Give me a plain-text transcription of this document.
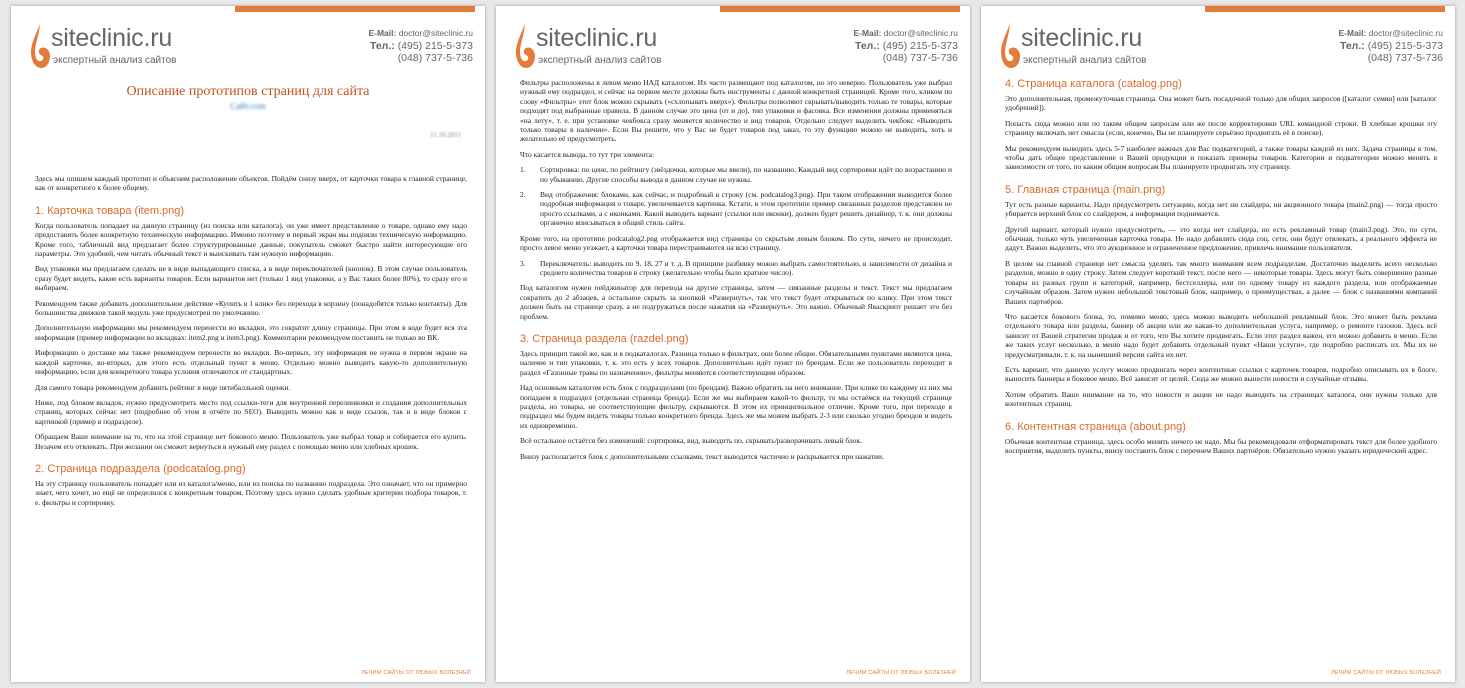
siteclinic.ru
экспертный анализ сайтов
E-Mail: doctor@siteclinic.ru
Тел.: (495) 215-5-373
(048) 737-5-736
Описание прототипов страниц для сайта
Сайт.com
11.10.2011

Здесь мы опишем каждый прототип и объясним расположение объектов. Пойдём снизу вверх, от карточки товара к главной странице, как от конкретного к более общему.

1. Карточка товара (item.png)

Когда пользователь попадает на данную страницу (из поиска или каталога), он уже имеет представление о товаре, однако ему надо предоставить более конкретную техническую информацию. Именно поэтому в первый экран мы подняли техническую информацию. Кроме того, табличный вид предлагает более структурированные данные, покупатель сможет быстро найти интересующие его параметры. Это удобней, чем читать обычный текст и выискивать там нужную информацию.

Вид упаковки мы предлагаем сделать не в виде выпадающего списка, а в виде переключателей (кнопок). В этом случае пользователь сразу будет видеть, какие есть варианты товаров. Если вариантов нет (только 1 вид упаковки, а у Вас таких более 80%), то сразу его и выбираем.

Рекомендуем также добавить дополнительное действие «Купить в 1 клик» без перехода в корзину (понадобятся только контакты). Для большинства движков такой модуль уже предусмотрен по умолчанию.

Дополнительную информацию мы рекомендуем перенести во вкладки, это сократит длину страницы. При этом в коде будет вся эта информация (пример информации во вкладках: item2.png и item3.png). Комментарии рекомендуем поставить не только во ВК.

Информацию о доставке мы также рекомендуем перенести во вкладки. Во-первых, эту информация не нужна в первом экране на каждой карточке, во-вторых, для этого есть отдельный пункт в меню. Отдельно можно выводить какую-то дополнительную информацию, если для конкретного товара условия отличаются от стандартных.

Для самого товара рекомендуем добавить рейтинг в виде пятибалльной оценки.

Ниже, под блоком вкладок, нужно предусмотреть место под ссылки-теги для внутренней перелинковки и создания дополнительных страниц, которых сейчас нет (подробнее об этом в отчёте по SEO). Выводить можно как в виде ссылок, так и в виде блоков с картинкой (пример в подразделе).

Обращаем Ваше внимание на то, что на этой странице нет бокового меню. Пользователь уже выбрал товар и собирается его купить. Незачем его отвлекать. При желании он сможет вернуться в нужный ему раздел с помощью меню или хлебных крошек.

2. Страница подраздела (podcatalog.png)

На эту страницу пользователь попадает или из каталога/меню, или из поиска по названию подраздела. Это означает, что он примерно знает, чего хочет, но ещё не определился с конкретным товаром. Поэтому здесь нужно сделать удобные критерии подбора товаров, т. е. фильтры и сортировку.

ЛЕЧИМ САЙТЫ ОТ ЛЮБЫХ БОЛЕЗНЕЙ
siteclinic.ru
экспертный анализ сайтов
E-Mail: doctor@siteclinic.ru
Тел.: (495) 215-5-373
(048) 737-5-736

Фильтры расположены в левом меню НАД каталогом. Их часто размещают под каталогом, но это неверно. Пользователь уже выбрал нужный ему подраздел, и сейчас на первом месте должны быть инструменты с данной конкретной страницей. Кроме того, кликом по слову «Фильтры» этот блок можно скрывать («схлопывать вверх»). Фильтры позволяют скрывать/выводить только те товары, которые подходят под выбранные правила. В данном случае это цена (от и до), тип упаковки и фасовка. Все изменения должны применяться «на лету», т. е. при установке чекбокса сразу меняется количество и вид товаров. Отдельно следует выделить чекбокс «Выводить только товары в наличии». Если Вы решите, что у Вас не будет товаров под заказ, то эту функцию можно не выводить, хоть и желательно её предусмотреть.

Что касается вывода, то тут три элемента:

1.	Сортировка: по цене, по рейтингу (звёздочки, которые мы ввели), по названию. Каждый вид сортировки идёт по возрастанию и по убыванию. Другие способы вывода в данном случае не нужны.

2.	Вид отображения: блоками, как сейчас, и подробный в строку (см. podcatalog3.png). При таком отображении выводится более подробная информация о товаре, увеличивается картинка. Кстати, в этом прототипе пример связанных разделов представлен не просто ссылками, а с иконками. Какой выводить вариант (ссылки или иконки), должен будет решить дизайнер, т. к. они должны органично вписываться в общий стиль сайта.

Кроме того, на прототипе podcatalog2.png отображается вид страницы со скрытым левым блоком. По сути, ничего не происходит, просто левое меню уезжает, а карточки товара перестраиваются на всю страницу.

3.	Переключатель: выводить по 9, 18, 27 и т. д. В принципе разбивку можно выбрать самостоятельно, в зависимости от дизайна и среднего количества товаров в строку (желательно чтобы было кратное число).

Под каталогом нужен пейджинатор для перехода на другие страницы, затем — связанные разделы и текст. Текст мы предлагаем сократить до 2 абзацев, а остальное скрыть за кнопкой «Развернуть», так что текст будет открываться по клику. При этом текст должен быть на странице сразу, а не подгружаться после нажатия на «Развернуть». Это важно. Обычный Яваскрипт решает это без проблем.

3. Страница раздела (razdel.png)

Здесь принцип такой же, как и в подкаталогах. Разница только в фильтрах, они более общие. Обязательными пунктами являются цена, наличие и тип упаковки, т. к. это есть у всех товаров. Дополнительно идёт пункт по брендам. Если же пользователь переходит в раздел «Газонные травы по назначению», фильтры меняются соответствующим образом.

Над основным каталогом есть блок с подразделами (по брендам). Важно обратить на него внимание. При клике по каждому из них мы попадаем в подраздел (отдельная страница бренда). Если же мы выбираем какой-то фильтр, то мы остаёмся на текущей странице раздела, но товары, не соответствующие фильтру, скрываются. В этом их принципиальное отличие. Кроме того, при переходе в подраздел мы будем видеть товары только конкретного бренда. Здесь же мы можем выбрать 2-3 или сколько угодно брендов и видеть их одновременно.

Всё остальное остаётся без изменений: сортировка, вид, выводить по, скрывать/разворачивать левый блок.

Внизу располагается блок с дополнительными ссылками, текст выводится частично и раскрывается при нажатии.

ЛЕЧИМ САЙТЫ ОТ ЛЮБЫХ БОЛЕЗНЕЙ
siteclinic.ru
экспертный анализ сайтов
E-Mail: doctor@siteclinic.ru
Тел.: (495) 215-5-373
(048) 737-5-736
4. Страница каталога (catalog.png)

Это дополнительная, промежуточная страница. Она может быть посадочной только для общих запросов ([каталог семян] или [каталог удобрений]).

Попасть сюда можно или по таким общим запросам или же после корректировки URL командной строки. В хлебные крошки эту страницу включать нет смысла (если, конечно, Вы не планируете серьёзно продвигать её в поиске).

Мы рекомендуем выводить здесь 5-7 наиболее важных для Вас подкатегорий, а также товары каждой из них. Задача страницы в том, чтобы дать общее представление о Вашей продукции и показать примеры товаров. Категории и подкатегории можно менять в зависимости от того, по каким общим вопросам Вы планируете продвигать эту страницу.

5. Главная страница (main.png)

Тут есть разные варианты. Надо предусмотреть ситуацию, когда нет ни слайдера, ни акционного товара (main2.png) — тогда просто убирается верхний блок со слайдером, а информация поднимается.

Другой вариант, который нужно предусмотреть, — это когда нет слайдера, но есть рекламный товар (main3.png). Это, по сути, обычная, только чуть увеличенная карточка товара. Не надо добавлять сюда соц. сети, они будут отвлекать, а реального эффекта не дадут. Важно выделить, что это аукционное и ограниченное предложение, привлечь внимание пользователя.

В целом на главной странице нет смысла уделять так много внимания всем подразделам. Достаточно выделить всего несколько разделов, можно в одну строку. Затем следует короткий текст, после него — некоторые товары. Здесь могут быть совершенно разные товары из разных групп и категорий, например, бестселлеры, или по одному товару из каждого раздела, или отображаемые случайным образом. Затем нужен небольшой текстовый блок, например, о преимуществах, а далее — блок с названиями компаний Ваших партнёров.

Что касается бокового блока, то, помимо меню, здесь можно выводить небольшой рекламный блок. Это может быть реклама отдельного товара или раздела, баннер об акции или же какая-то дополнительная услуга, например, о ремонте газонов. Здесь всё зависит от Вашей стратегии продаж и от того, что Вы хотите продвигать. Если этот раздел важен, его можно добавить в меню. Если же таких услуг несколько, в меню надо будет добавить отдельный пункт «Наши услуги», где подробно расписать их. Мы их не предусматривали, т. к. на нынешней версии сайта их нет.

Есть вариант, что данную услугу можно продвигать через контентные ссылки с карточек товаров, подробно описывать их в блоге, выносить баннеры в боковое меню. Всё зависит от целей. Сюда же можно вынести новости и случайные отзывы.

Хотим обратить Ваше внимание на то, что новости и акции не надо выводить на страницах каталога, они нужны только для контентных страниц.

6. Контентная страница (about.png)

Обычная контентная страница, здесь особо менять ничего не надо. Мы бы рекомендовали отформатировать текст для более удобного восприятия, выделить пункты, внизу поставить блок с перечнем Ваших партнёров. Обязательно нужно указать юридический адрес.

ЛЕЧИМ САЙТЫ ОТ ЛЮБЫХ БОЛЕЗНЕЙ
